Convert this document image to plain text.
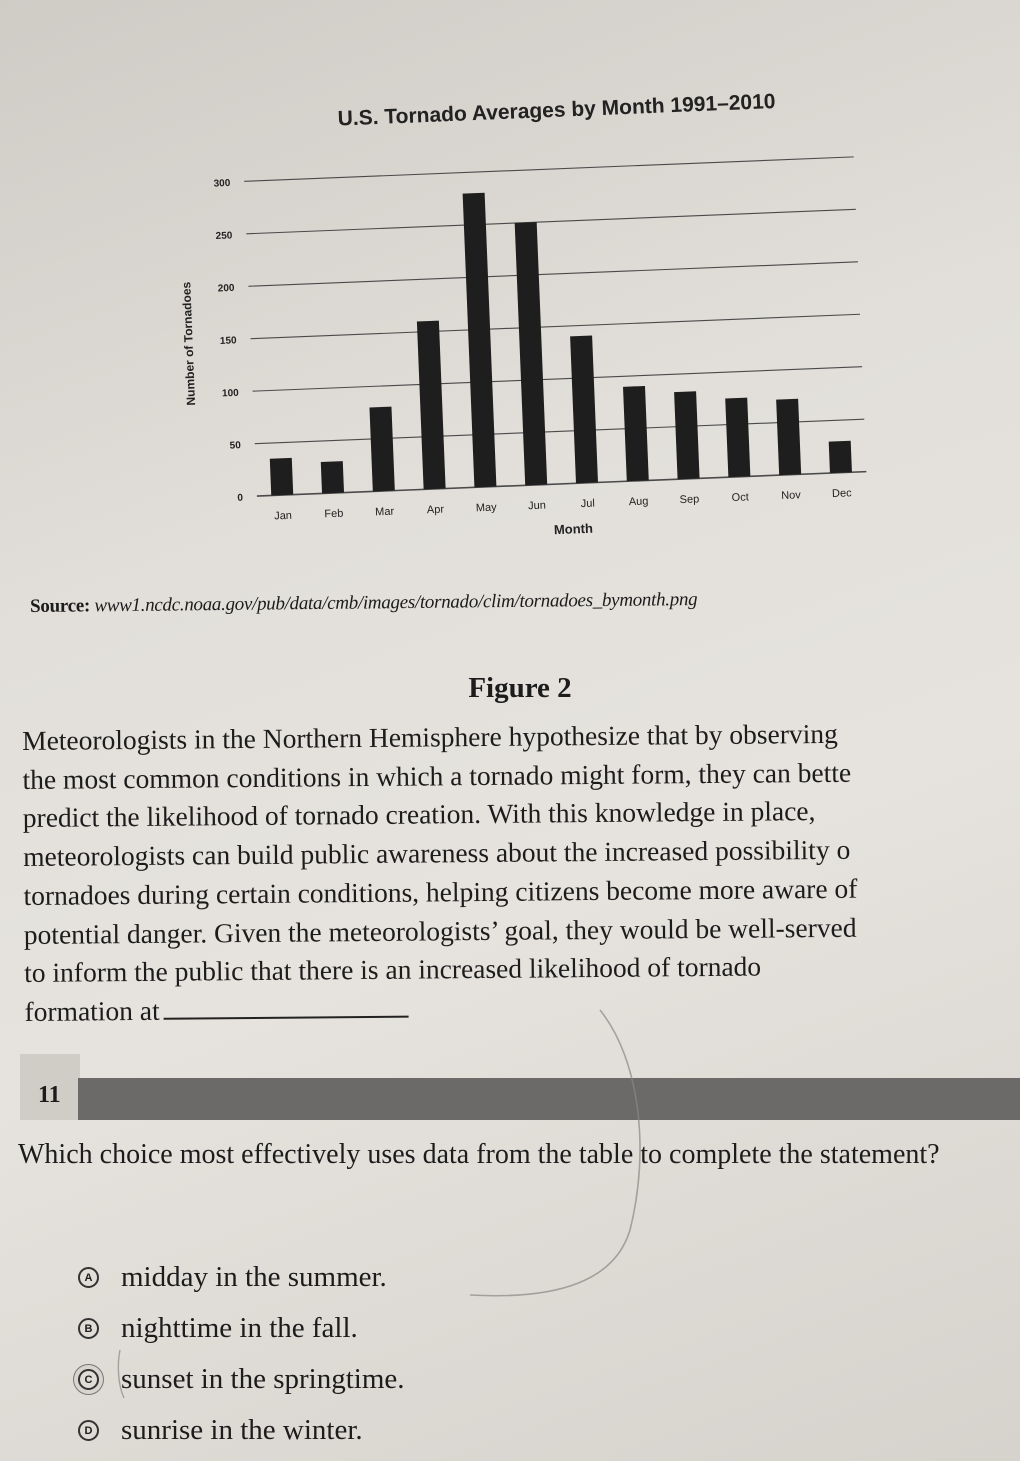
0
50
100
150
200
250
300
Jan	Feb	Mar	Apr	May	Jun	Jul	Aug	Sep	Oct	Nov	Dec
U.S. Tornado Averages by Month 1991–2010
Month
Number of Tornadoes
Source: www1.ncdc.noaa.gov/pub/data/cmb/images/tornado/clim/tornadoes_bymonth.png
Figure 2
Meteorologists in the Northern Hemisphere hypothesize that by observing
the most common conditions in which a tornado might form, they can bette
predict the likelihood of tornado creation. With this knowledge in place,
meteorologists can build public awareness about the increased possibility o
tornadoes during certain conditions, helping citizens become more aware of
potential danger. Given the meteorologists’ goal, they would be well-served
to inform the public that there is an increased likelihood of tornado
formation at
11
Which choice most effectively uses data from the table to complete the statement?
A midday in the summer.
B nighttime in the fall.
C sunset in the springtime.
D sunrise in the winter.
